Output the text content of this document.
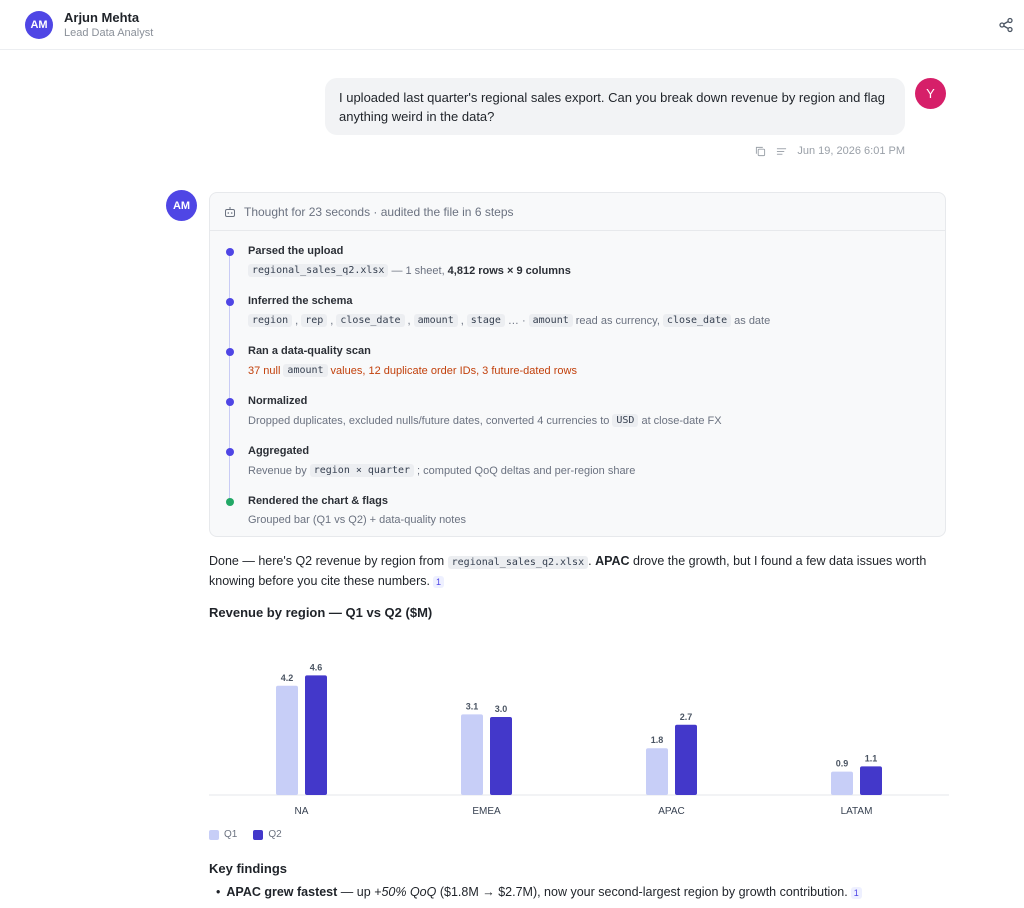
AM	Arjun Mehta
Lead Data Analyst
I uploaded last quarter's regional sales export. Can you break down revenue by region and flag anything weird in the data?
Y
Jun 19, 2026 6:01 PM
AM	Thought for 23 seconds · audited the file in 6 steps
Parsed the upload
regional_sales_q2.xlsx — 1 sheet, 4,812 rows × 9 columns
Inferred the schema
region , rep , close_date , amount , stage … · amount read as currency, close_date as date
Ran a data-quality scan
37 null amount values, 12 duplicate order IDs, 3 future-dated rows
Normalized
Dropped duplicates, excluded nulls/future dates, converted 4 currencies to USD at close-date FX
Aggregated
Revenue by region × quarter ; computed QoQ deltas and per-region share
Rendered the chart & flags
Grouped bar (Q1 vs Q2) + data-quality notes
Done — here's Q2 revenue by region from regional_sales_q2.xlsx . APAC drove the growth, but I found a few data issues worth knowing before you cite these numbers. 1
Revenue by region — Q1 vs Q2 ($M)
4.2
4.6
NA
3.1 3.0
EMEA
1.8
2.7
APAC
0.9
1.1
LATAM
Q1	Q2
Key findings
• APAC grew fastest — up +50% QoQ ($1.8M → $2.7M), now your second-largest region by growth contribution. 1
